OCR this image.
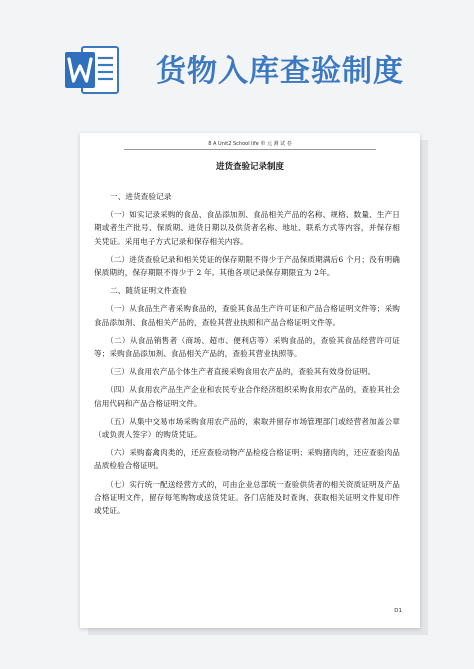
货物入库查验制度
8 A Unit2 School life 单 元 测 试 卷
进货查验记录制度

一、进货查验记录

（一）如实记录采购的食品、食品添加剂、食品相关产品的名称、规格、数量、生产日期或者生产批号、保质期、进货日期以及供货者名称、地址、联系方式等内容，并保存相关凭证。采用电子方式记录和保存相关内容。

（二）进货查验记录和相关凭证的保存期限不得少于产品保质期满后6 个月；没有明确保质期的，保存期限不得少于 2 年。其他各项记录保存期限宜为 2年。

二、随货证明文件查验

（一）从食品生产者采购食品的，查验其食品生产许可证和产品合格证明文件等；采购食品添加剂、食品相关产品的，查验其营业执照和产品合格证明文件等。

（二）从食品销售者（商场、超市、便利店等）采购食品的，查验其食品经营许可证等；采购食品添加剂、食品相关产品的，查验其营业执照等。

（三）从食用农产品个体生产者直接采购食用农产品的，查验其有效身份证明。

（四）从食用农产品生产企业和农民专业合作经济组织采购食用农产品的，查验其社会信用代码和产品合格证明文件。

（五）从集中交易市场采购食用农产品的，索取并留存市场管理部门或经营者加盖公章（或负责人签字）的购货凭证。

（六）采购畜禽肉类的，还应查验动物产品检疫合格证明；采购猪肉的，还应查验肉品品质检验合格证明。

（七）实行统一配送经营方式的，可由企业总部统一查验供货者的相关资质证明及产品合格证明文件，留存每笔购物或送货凭证。各门店能及时查询、获取相关证明文件复印件或凭证。

D1
